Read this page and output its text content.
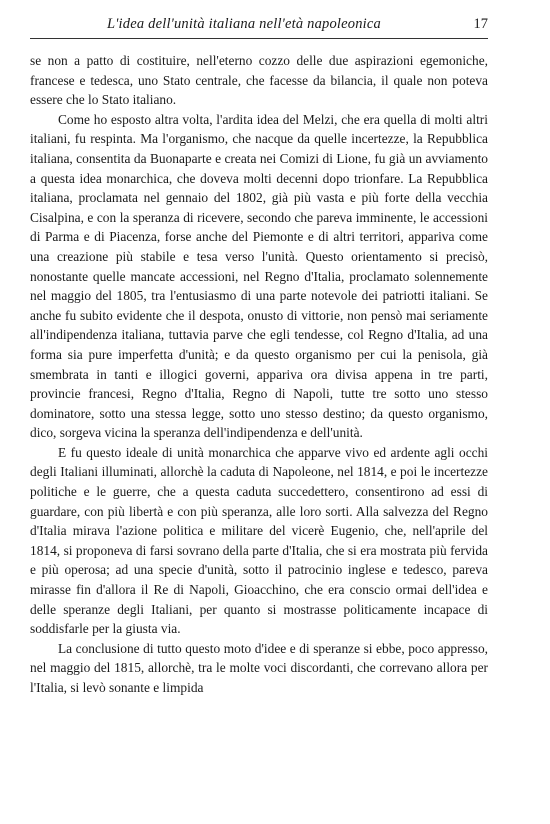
L'idea dell'unità italiana nell'età napoleonica	17

se non a patto di costituire, nell'eterno cozzo delle due aspirazioni egemoniche, francese e tedesca, uno Stato centrale, che facesse da bilancia, il quale non poteva essere che lo Stato italiano.

Come ho esposto altra volta, l'ardita idea del Melzi, che era quella di molti altri italiani, fu respinta. Ma l'organismo, che nacque da quelle incertezze, la Repubblica italiana, consentita da Buonaparte e creata nei Comizi di Lione, fu già un avviamento a questa idea monarchica, che doveva molti decenni dopo trionfare. La Repubblica italiana, proclamata nel gennaio del 1802, già più vasta e più forte della vecchia Cisalpina, e con la speranza di ricevere, secondo che pareva imminente, le accessioni di Parma e di Piacenza, forse anche del Piemonte e di altri territori, appariva come una creazione più stabile e tesa verso l'unità. Questo orientamento si precisò, nonostante quelle mancate accessioni, nel Regno d'Italia, proclamato solennemente nel maggio del 1805, tra l'entusiasmo di una parte notevole dei patriotti italiani. Se anche fu subito evidente che il despota, onusto di vittorie, non pensò mai seriamente all'indipendenza italiana, tuttavia parve che egli tendesse, col Regno d'Italia, ad una forma sia pure imperfetta d'unità; e da questo organismo per cui la penisola, già smembrata in tanti e illogici governi, appariva ora divisa appena in tre parti, provincie francesi, Regno d'Italia, Regno di Napoli, tutte tre sotto uno stesso dominatore, sotto una stessa legge, sotto uno stesso destino; da questo organismo, dico, sorgeva vicina la speranza dell'indipendenza e dell'unità.

E fu questo ideale di unità monarchica che apparve vivo ed ardente agli occhi degli Italiani illuminati, allorchè la caduta di Napoleone, nel 1814, e poi le incertezze politiche e le guerre, che a questa caduta succedettero, consentirono ad essi di guardare, con più libertà e con più speranza, alle loro sorti. Alla salvezza del Regno d'Italia mirava l'azione politica e militare del vicerè Eugenio, che, nell'aprile del 1814, si proponeva di farsi sovrano della parte d'Italia, che si era mostrata più fervida e più operosa; ad una specie d'unità, sotto il patrocinio inglese e tedesco, pareva mirasse fin d'allora il Re di Napoli, Gioacchino, che era conscio ormai dell'idea e delle speranze degli Italiani, per quanto si mostrasse politicamente incapace di soddisfarle per la giusta via.

La conclusione di tutto questo moto d'idee e di speranze si ebbe, poco appresso, nel maggio del 1815, allorchè, tra le molte voci discordanti, che correvano allora per l'Italia, si levò sonante e limpida
